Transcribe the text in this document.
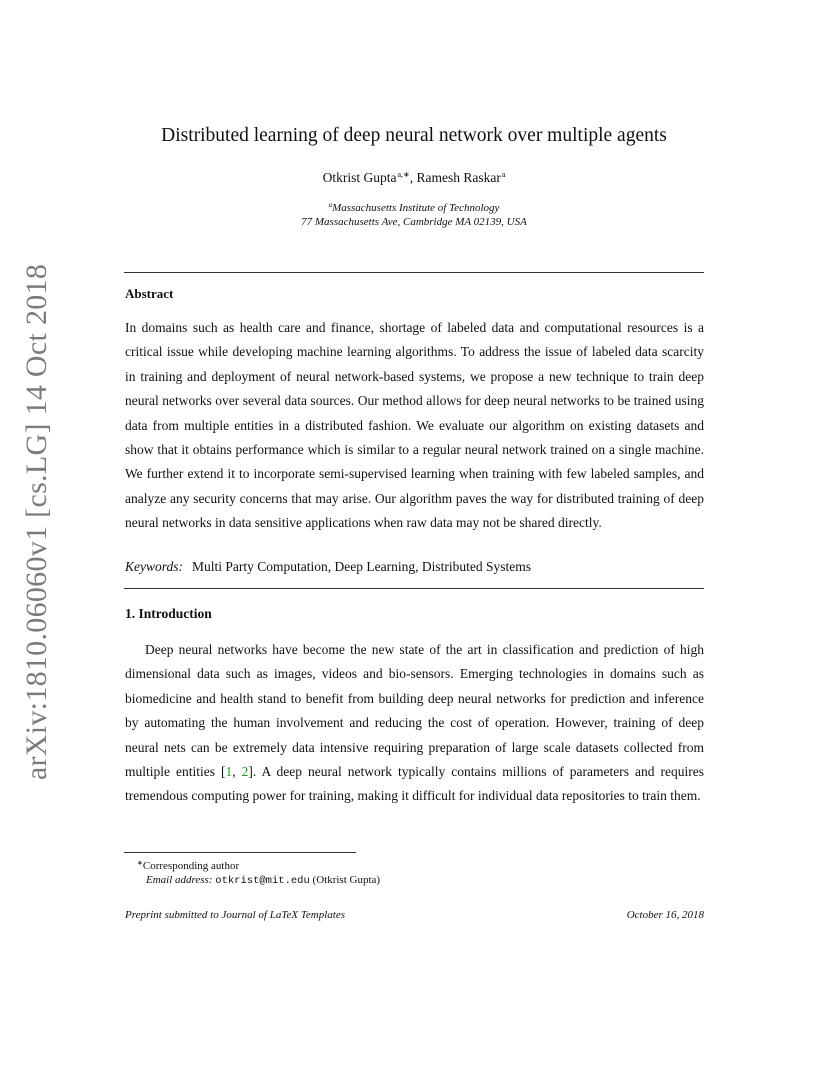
arXiv:1810.06060v1 [cs.LG] 14 Oct 2018
Distributed learning of deep neural network over multiple agents
Otkrist Gupta$^{a,∗}$, Ramesh Raskar$^a$
$^a$Massachusetts Institute of Technology
77 Massachusetts Ave, Cambridge MA 02139, USA
Abstract
In domains such as health care and finance, shortage of labeled data and computational resources is a critical issue while developing machine learning algorithms. To address the issue of labeled data scarcity in training and deployment of neural network-based systems, we propose a new technique to train deep neural networks over several data sources. Our method allows for deep neural networks to be trained using data from multiple entities in a distributed fashion. We evaluate our algorithm on existing datasets and show that it obtains performance which is similar to a regular neural network trained on a single machine. We further extend it to incorporate semi-supervised learning when training with few labeled samples, and analyze any security concerns that may arise. Our algorithm paves the way for distributed training of deep neural networks in data sensitive applications when raw data may not be shared directly.
Keywords: Multi Party Computation, Deep Learning, Distributed Systems
1. Introduction
Deep neural networks have become the new state of the art in classification and prediction of high dimensional data such as images, videos and bio-sensors. Emerging technologies in domains such as biomedicine and health stand to benefit from building deep neural networks for prediction and inference by automating the human involvement and reducing the cost of operation. However, training of deep neural nets can be extremely data intensive requiring preparation of large scale datasets collected from multiple entities [1, 2]. A deep neural network typically contains millions of parameters and requires tremendous computing power for training, making it difficult for individual data repositories to train them.
∗Corresponding author
Email address: otkrist@mit.edu (Otkrist Gupta)
Preprint submitted to Journal of LaTeX Templates	October 16, 2018
